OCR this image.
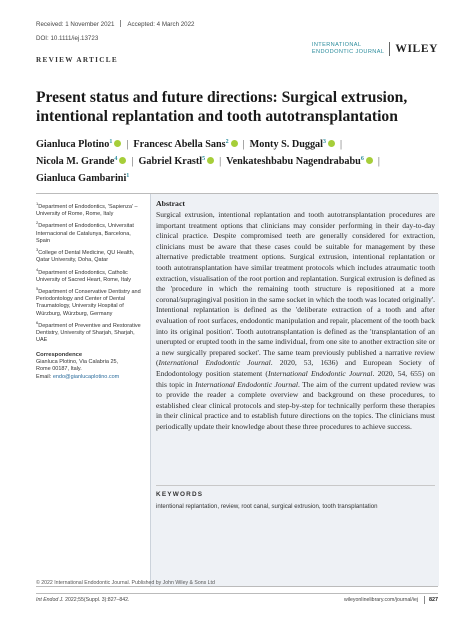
Received: 1 November 2021 Accepted: 4 March 2022
DOI: 10.1111/iej.13723
REVIEW ARTICLE
INTERNATIONAL
ENDODONTIC JOURNAL WILEY
Present status and future directions: Surgical extrusion, intentional replantation and tooth autotransplantation
Gianluca Plotino$^1$ | Francesc Abella Sans$^2$ | Monty S. Duggal$^3$ |
Nicola M. Grande$^4$ | Gabriel Krastl$^5$ | Venkateshbabu Nagendrababu$^6$ |
Gianluca Gambarini$^1$
$^1$Department of Endodontics, 'Sapienza' – University of Rome, Rome, Italy
$^2$Department of Endodontics, Universitat Internacional de Catalunya, Barcelona, Spain
$^3$College of Dental Medicine, QU Health, Qatar University, Doha, Qatar
$^4$Department of Endodontics, Catholic University of Sacred Heart, Rome, Italy
$^5$Department of Conservative Dentistry and Periodontology and Center of Dental Traumatology, University Hospital of Würzburg, Würzburg, Germany
$^6$Department of Preventive and Restorative Dentistry, University of Sharjah, Sharjah, UAE
Correspondence
Gianluca Plotino, Via Calabria 25,
Rome 00187, Italy.
Email: endo@gianlucaplotino.com
Abstract
Surgical extrusion, intentional replantation and tooth autotransplantation procedures are important treatment options that clinicians may consider performing in their day-to-day clinical practice. Despite compromised teeth are generally considered for extraction, clinicians must be aware that these cases could be suitable for management by these alternative predictable treatment options. Surgical extrusion, intentional replantation or tooth autotransplantation have similar treatment protocols which includes atraumatic tooth extraction, visualisation of the root portion and replantation. Surgical extrusion is defined as the 'procedure in which the remaining tooth structure is repositioned at a more coronal/supragingival position in the same socket in which the tooth was located originally'. Intentional replantation is defined as the 'deliberate extraction of a tooth and after evaluation of root surfaces, endodontic manipulation and repair, placement of the tooth back into its original position'. Tooth autotransplantation is defined as the 'transplantation of an unerupted or erupted tooth in the same individual, from one site to another extraction site or a new surgically prepared socket'. The same team previously published a narrative review (International Endodontic Journal. 2020, 53, 1636) and European Society of Endodontology position statement (International Endodontic Journal. 2020, 54, 655) on this topic in International Endodontic Journal. The aim of the current updated review was to provide the reader a complete overview and background on these procedures, to established clear clinical protocols and step-by-step for technically perform these therapies in their clinical practice and to establish future directions on the topics. The clinicians must periodically update their knowledge about these three procedures to achieve success.
KEYWORDS
intentional replantation, review, root canal, surgical extrusion, tooth transplantation
© 2022 International Endodontic Journal. Published by John Wiley & Sons Ltd
Int Endod J. 2022;55(Suppl. 3):827–842.	wileyonlinelibrary.com/journal/iej 827
